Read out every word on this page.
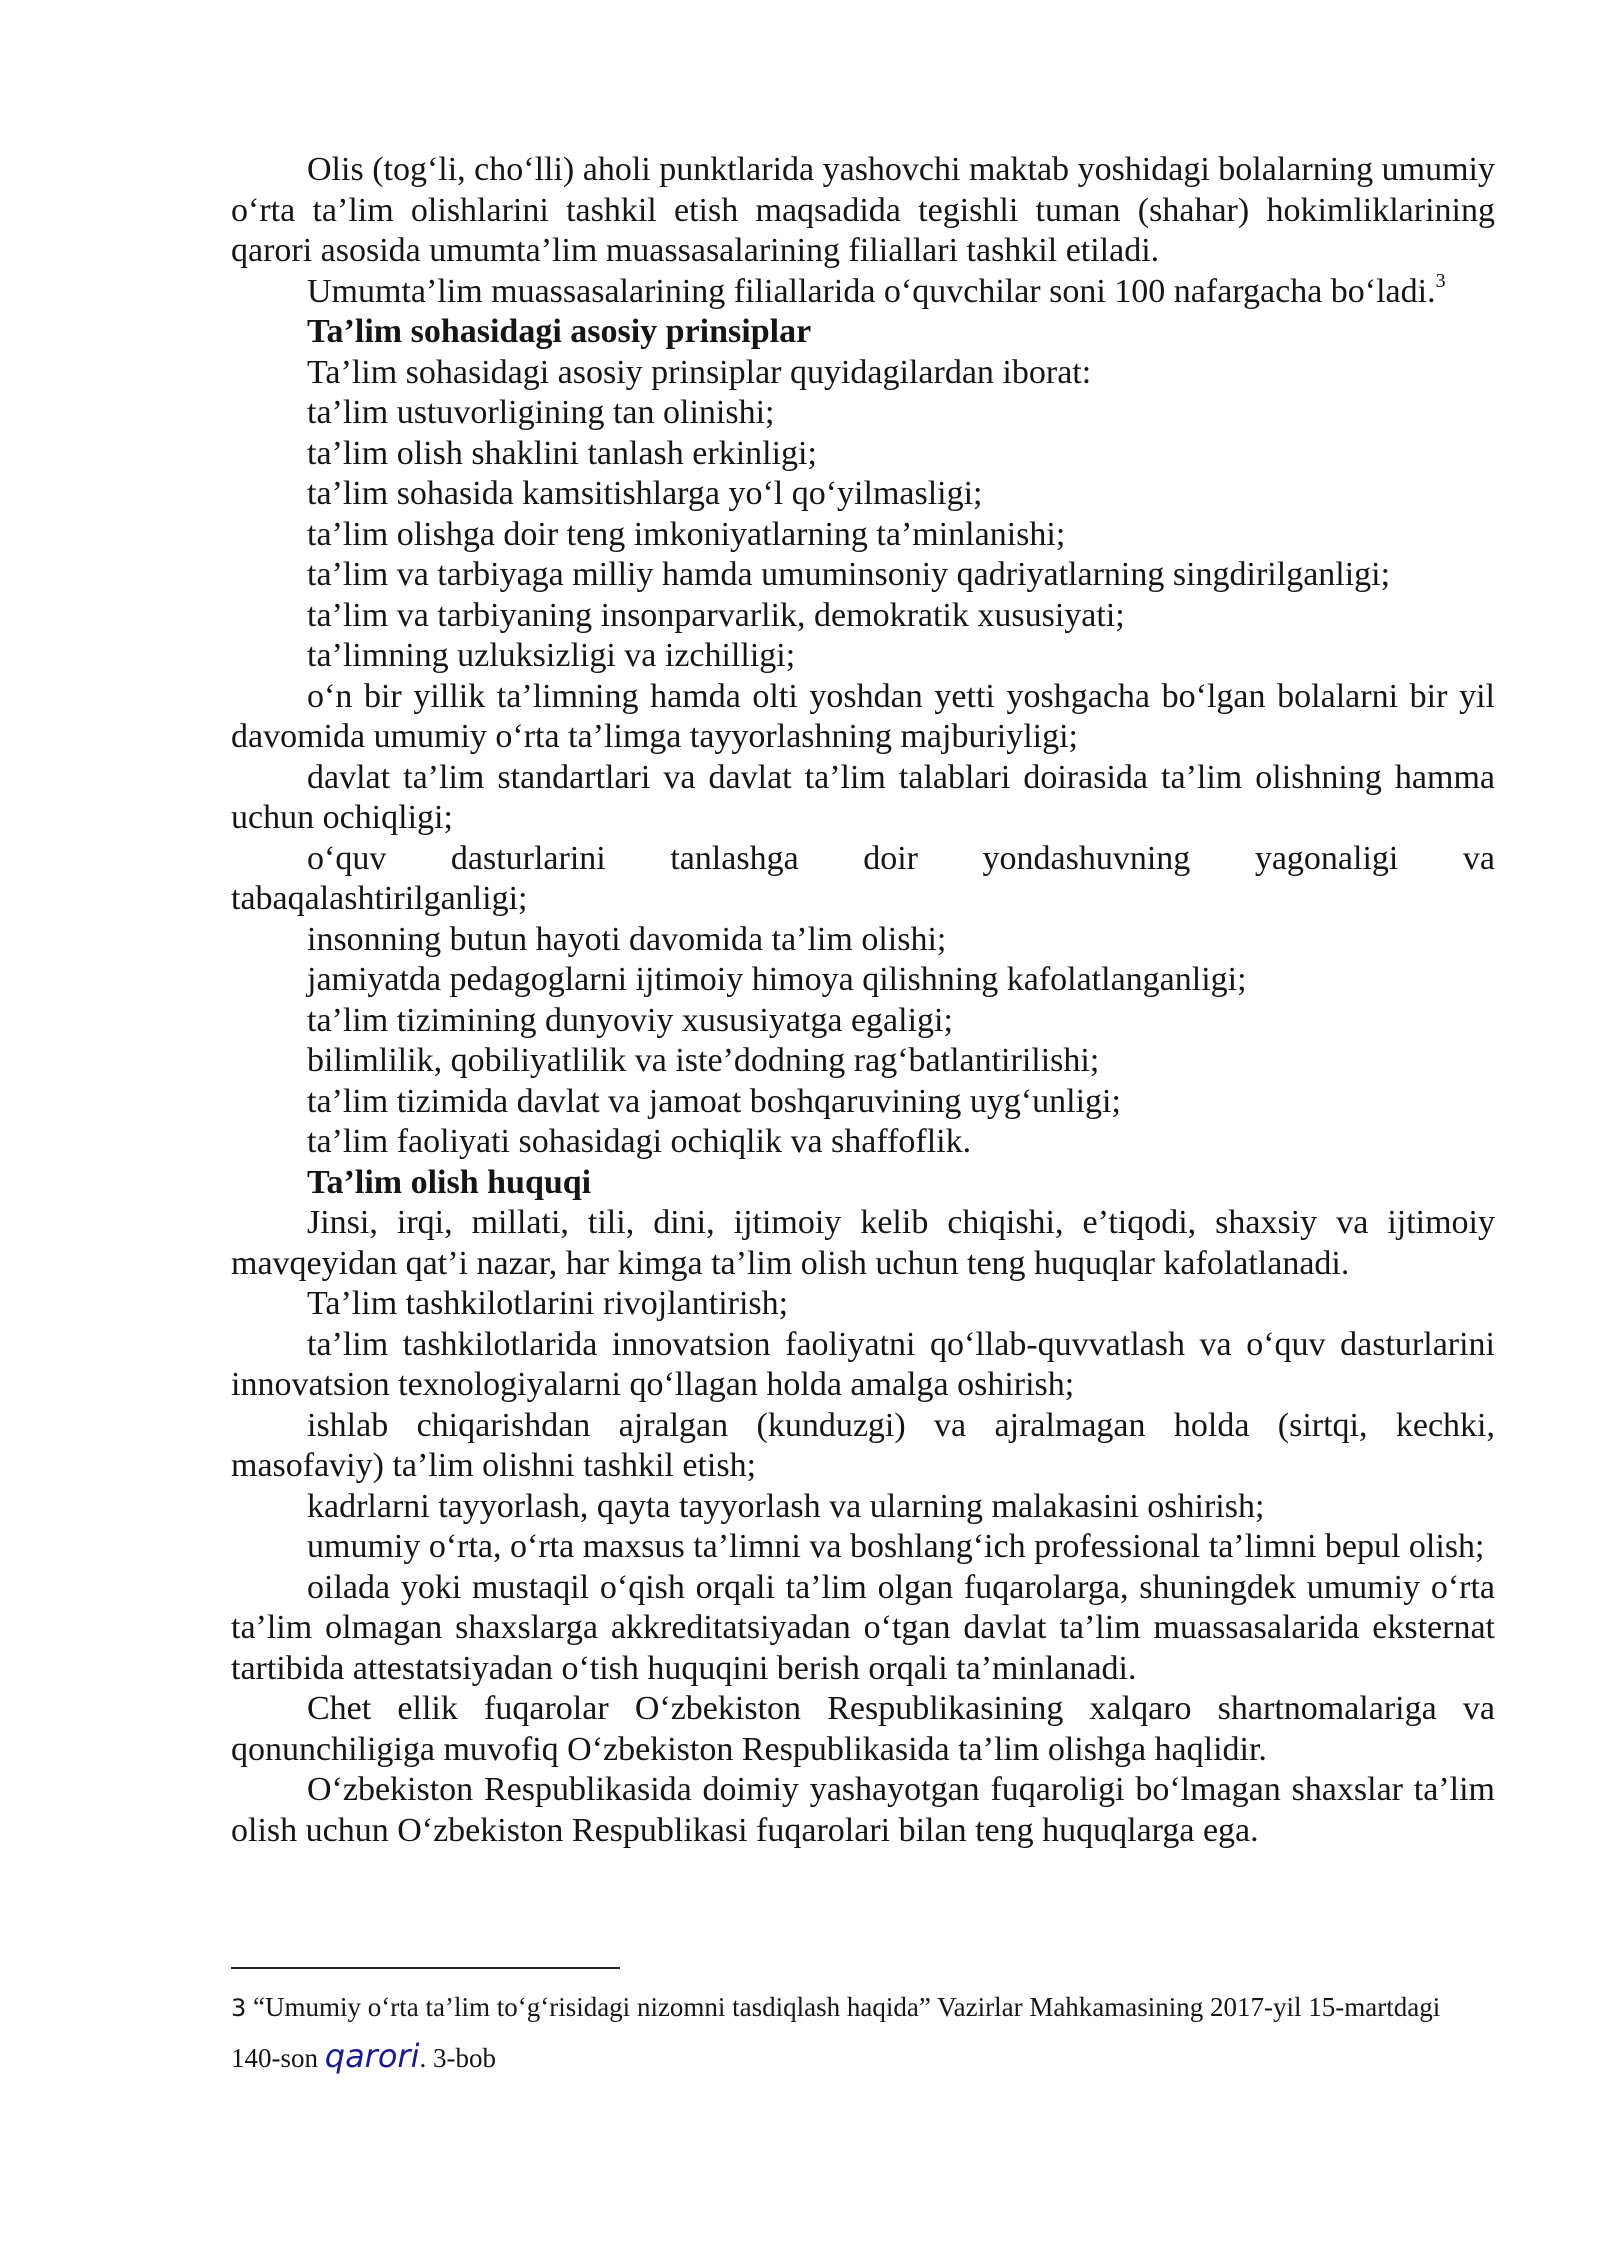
Olis (tog‘li, cho‘lli) aholi punktlarida yashovchi maktab yoshidagi bolalarning umumiy o‘rta ta’lim olishlarini tashkil etish maqsadida tegishli tuman (shahar) hokimliklarining qarori asosida umumta’lim muassasalarining filiallari tashkil etiladi.

Umumta’lim muassasalarining filiallarida o‘quvchilar soni 100 nafargacha bo‘ladi.$^3$

Ta’lim sohasidagi asosiy prinsiplar

Ta’lim sohasidagi asosiy prinsiplar quyidagilardan iborat:

ta’lim ustuvorligining tan olinishi;

ta’lim olish shaklini tanlash erkinligi;

ta’lim sohasida kamsitishlarga yo‘l qo‘yilmasligi;

ta’lim olishga doir teng imkoniyatlarning ta’minlanishi;

ta’lim va tarbiyaga milliy hamda umuminsoniy qadriyatlarning singdirilganligi;

ta’lim va tarbiyaning insonparvarlik, demokratik xususiyati;

ta’limning uzluksizligi va izchilligi;

o‘n bir yillik ta’limning hamda olti yoshdan yetti yoshgacha bo‘lgan bolalarni bir yil davomida umumiy o‘rta ta’limga tayyorlashning majburiyligi;

davlat ta’lim standartlari va davlat ta’lim talablari doirasida ta’lim olishning hamma uchun ochiqligi;

o‘quv dasturlarini tanlashga doir yondashuvning yagonaligi va

tabaqalashtirilganligi;

insonning butun hayoti davomida ta’lim olishi;

jamiyatda pedagoglarni ijtimoiy himoya qilishning kafolatlanganligi;

ta’lim tizimining dunyoviy xususiyatga egaligi;

bilimlilik, qobiliyatlilik va iste’dodning rag‘batlantirilishi;

ta’lim tizimida davlat va jamoat boshqaruvining uyg‘unligi;

ta’lim faoliyati sohasidagi ochiqlik va shaffoflik.

Ta’lim olish huquqi

Jinsi, irqi, millati, tili, dini, ijtimoiy kelib chiqishi, e’tiqodi, shaxsiy va ijtimoiy mavqeyidan qat’i nazar, har kimga ta’lim olish uchun teng huquqlar kafolatlanadi.

Ta’lim tashkilotlarini rivojlantirish;

ta’lim tashkilotlarida innovatsion faoliyatni qo‘llab-quvvatlash va o‘quv dasturlarini innovatsion texnologiyalarni qo‘llagan holda amalga oshirish;

ishlab chiqarishdan ajralgan (kunduzgi) va ajralmagan holda (sirtqi, kechki, masofaviy) ta’lim olishni tashkil etish;

kadrlarni tayyorlash, qayta tayyorlash va ularning malakasini oshirish;

umumiy o‘rta, o‘rta maxsus ta’limni va boshlang‘ich professional ta’limni bepul olish;

oilada yoki mustaqil o‘qish orqali ta’lim olgan fuqarolarga, shuningdek umumiy o‘rta ta’lim olmagan shaxslarga akkreditatsiyadan o‘tgan davlat ta’lim muassasalarida eksternat tartibida attestatsiyadan o‘tish huquqini berish orqali ta’minlanadi.

Chet ellik fuqarolar O‘zbekiston Respublikasining xalqaro shartnomalariga va qonunchiligiga muvofiq O‘zbekiston Respublikasida ta’lim olishga haqlidir.

O‘zbekiston Respublikasida doimiy yashayotgan fuqaroligi bo‘lmagan shaxslar ta’lim olish uchun O‘zbekiston Respublikasi fuqarolari bilan teng huquqlarga ega.

3 “Umumiy o‘rta ta’lim to‘g‘risidagi nizomni tasdiqlash haqida” Vazirlar Mahkamasining 2017-yil 15-martdagi 140-son qarori. 3-bob
